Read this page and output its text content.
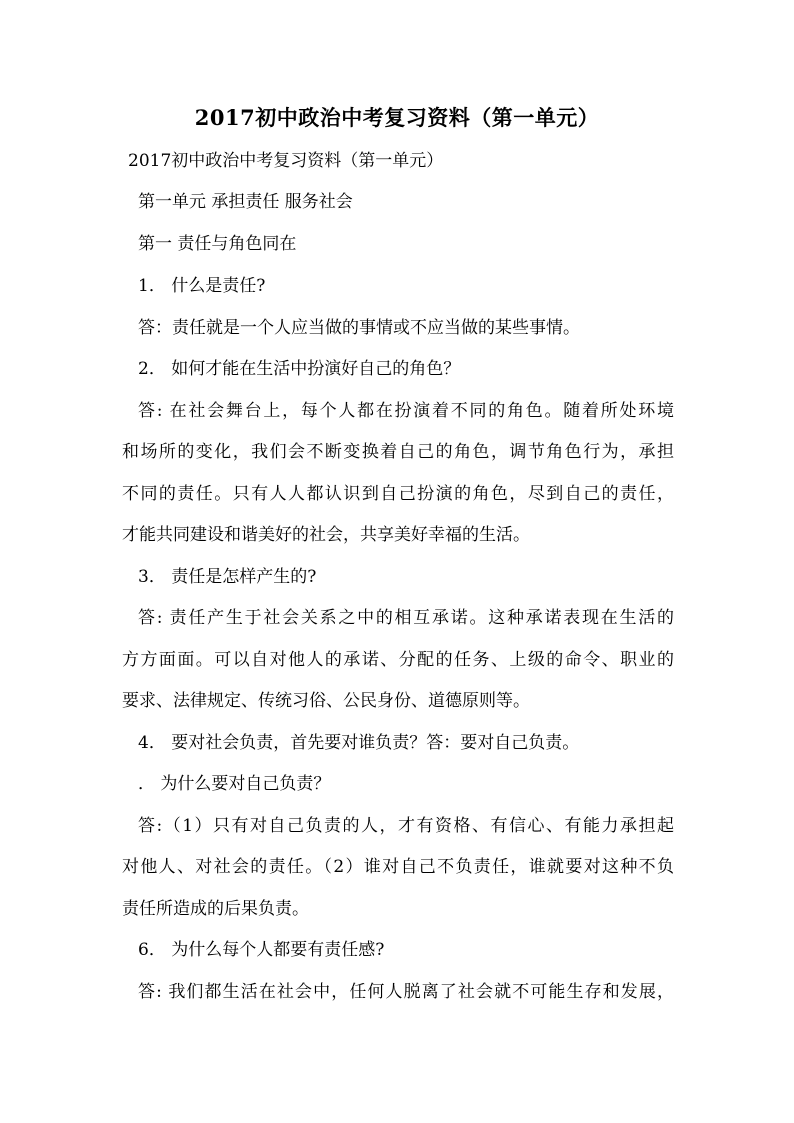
2017初中政治中考复习资料（第一单元）
2017初中政治中考复习资料（第一单元）
第一单元 承担责任 服务社会
第一 责任与角色同在
1． 什么是责任?
答：责任就是一个人应当做的事情或不应当做的某些事情。
2． 如何才能在生活中扮演好自己的角色？
答: 在社会舞台上，每个人都在扮演着不同的角色。随着所处环境
和场所的变化，我们会不断变换着自己的角色，调节角色行为，承担
不同的责任。只有人人都认识到自己扮演的角色，尽到自己的责任，
才能共同建设和谐美好的社会，共享美好幸福的生活。
3． 责任是怎样产生的?
答: 责任产生于社会关系之中的相互承诺。这种承诺表现在生活的
方方面面。可以自对他人的承诺、分配的任务、上级的命令、职业的
要求、法律规定、传统习俗、公民身份、道德原则等。
4． 要对社会负责，首先要对谁负责？答：要对自己负责。
． 为什么要对自己负责？
答:（1）只有对自己负责的人，才有资格、有信心、有能力承担起
对他人、对社会的责任。（2）谁对自己不负责任，谁就要对这种不负
责任所造成的后果负责。
6． 为什么每个人都要有责任感?
答: 我们都生活在社会中，任何人脱离了社会就不可能生存和发展，
